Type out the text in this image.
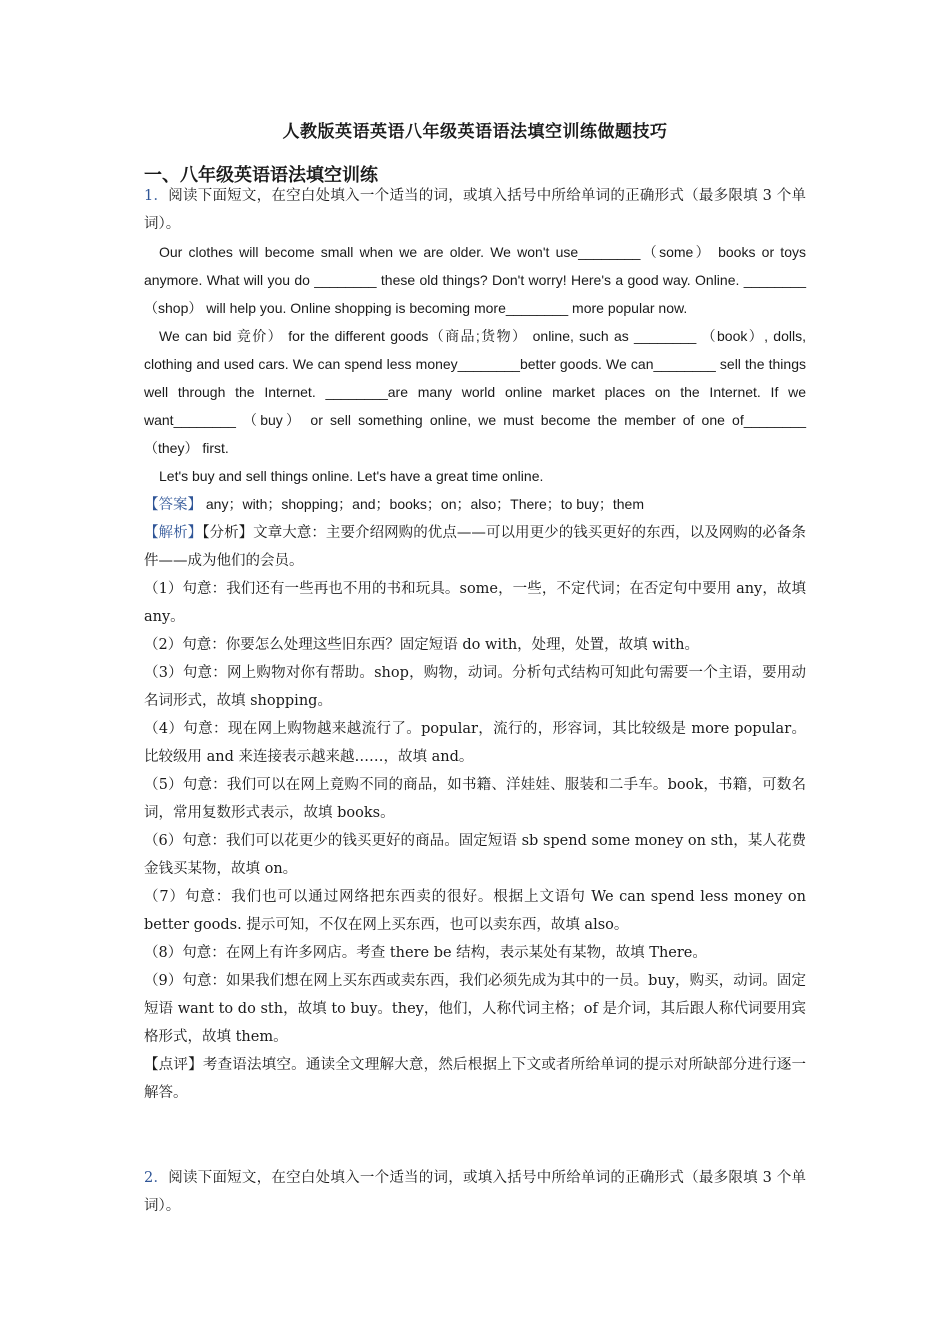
人教版英语英语八年级英语语法填空训练做题技巧
一、八年级英语语法填空训练

1．阅读下面短文，在空白处填入一个适当的词，或填入括号中所给单词的正确形式（最多限填 3 个单词）。

Our clothes will become small when we are older. We won't use________（some） books or toys anymore. What will you do ________ these old things? Don't worry! Here's a good way. Online. ________（shop） will help you. Online shopping is becoming more________ more popular now.

We can bid 竞价） for the different goods（商品;货物） online, such as ________ （book）, dolls, clothing and used cars. We can spend less money________better goods. We can________ sell the things well through the Internet. ________are many world online market places on the Internet. If we want________ （buy） or sell something online, we must become the member of one of________（they） first.

Let's buy and sell things online. Let's have a great time online.

【答案】 any；with；shopping；and；books；on；also；There；to buy；them

【解析】【分析】文章大意：主要介绍网购的优点——可以用更少的钱买更好的东西，以及网购的必备条件——成为他们的会员。

（1）句意：我们还有一些再也不用的书和玩具。some，一些，不定代词；在否定句中要用 any，故填 any。

（2）句意：你要怎么处理这些旧东西？固定短语 do with，处理，处置，故填 with。

（3）句意：网上购物对你有帮助。shop，购物，动词。分析句式结构可知此句需要一个主语，要用动名词形式，故填 shopping。

（4）句意：现在网上购物越来越流行了。popular，流行的，形容词，其比较级是 more popular。比较级用 and 来连接表示越来越……，故填 and。

（5）句意：我们可以在网上竟购不同的商品，如书籍、洋娃娃、服装和二手车。book，书籍，可数名词，常用复数形式表示，故填 books。

（6）句意：我们可以花更少的钱买更好的商品。固定短语 sb spend some money on sth，某人花费金钱买某物，故填 on。

（7）句意：我们也可以通过网络把东西卖的很好。根据上文语句 We can spend less money on better goods. 提示可知，不仅在网上买东西，也可以卖东西，故填 also。

（8）句意：在网上有许多网店。考查 there be 结构，表示某处有某物，故填 There。

（9）句意：如果我们想在网上买东西或卖东西，我们必须先成为其中的一员。buy，购买，动词。固定短语 want to do sth，故填 to buy。they，他们，人称代词主格；of 是介词，其后跟人称代词要用宾格形式，故填 them。

【点评】考查语法填空。通读全文理解大意，然后根据上下文或者所给单词的提示对所缺部分进行逐一解答。

2．阅读下面短文，在空白处填入一个适当的词，或填入括号中所给单词的正确形式（最多限填 3 个单词）。
